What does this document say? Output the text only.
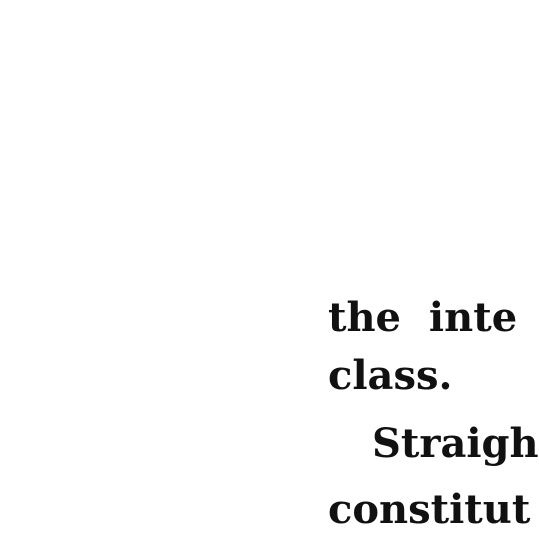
the inte

class.

Straigh

constitut
